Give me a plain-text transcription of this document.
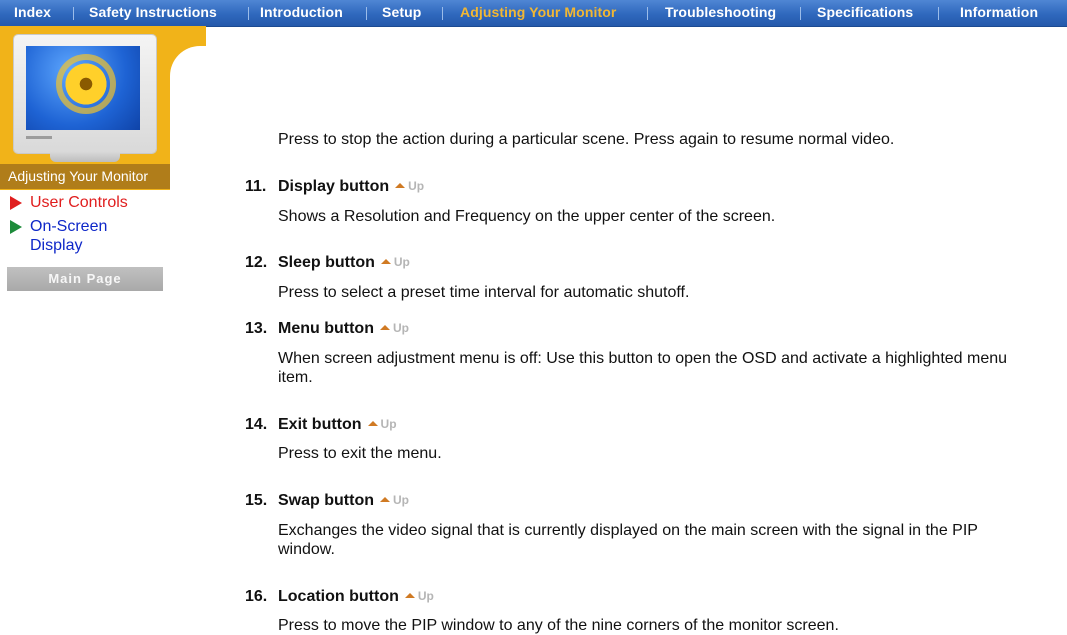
Index	Safety Instructions	Introduction	Setup	Adjusting Your Monitor	Troubleshooting	Specifications	Information
Adjusting Your Monitor
User Controls
On-Screen Display
Main Page
Press to stop the action during a particular scene. Press again to resume normal video.
11. Display button Up
Shows a Resolution and Frequency on the upper center of the screen.
12. Sleep button Up
Press to select a preset time interval for automatic shutoff.
13. Menu button Up
When screen adjustment menu is off: Use this button to open the OSD and activate a highlighted menu item.
14. Exit button Up
Press to exit the menu.
15. Swap button Up
Exchanges the video signal that is currently displayed on the main screen with the signal in the PIP window.
16. Location button Up
Press to move the PIP window to any of the nine corners of the monitor screen.
